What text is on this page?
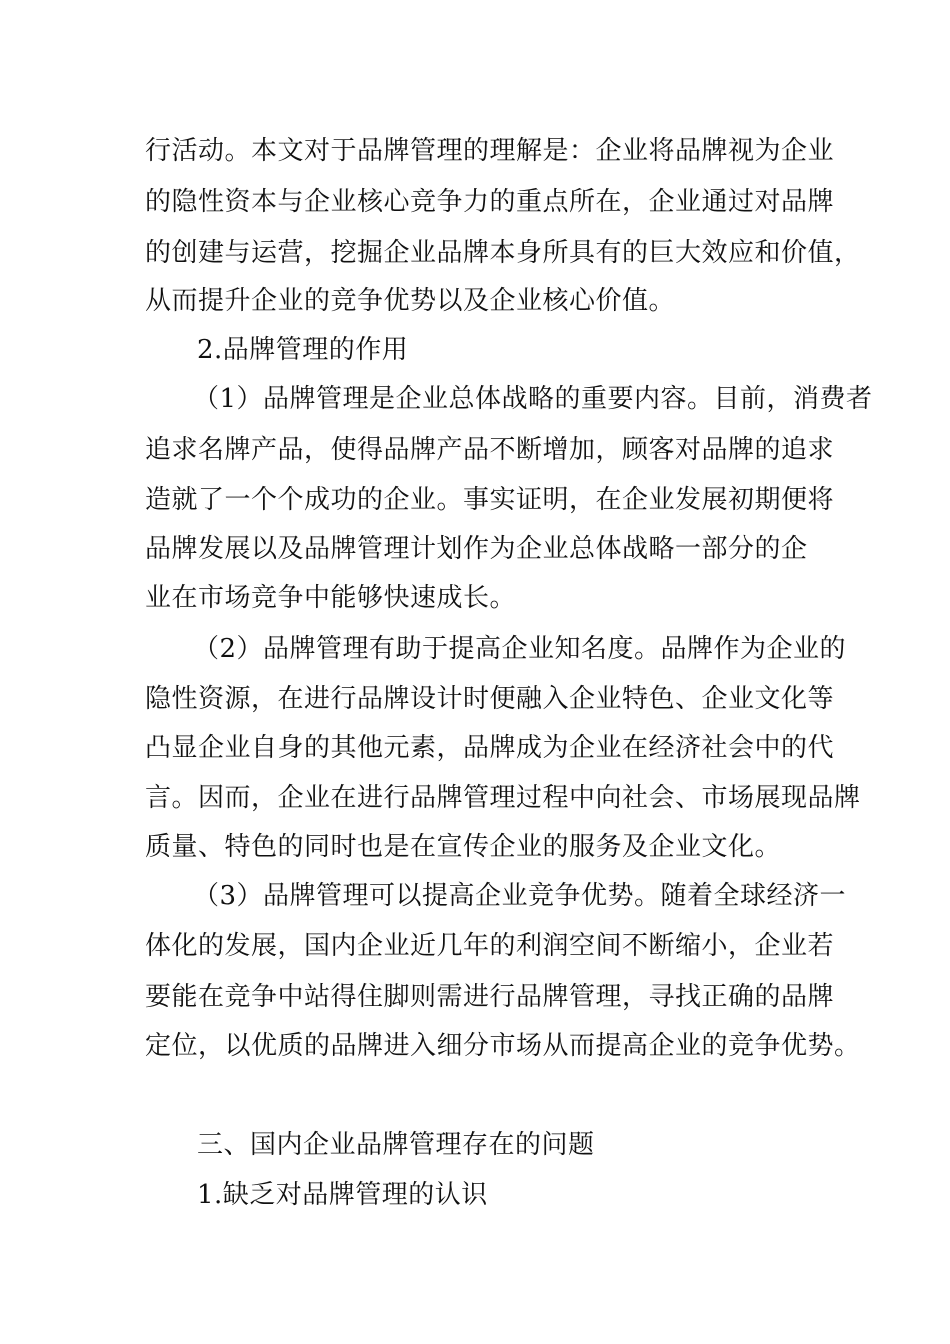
行活动。本文对于品牌管理的理解是：企业将品牌视为企业
的隐性资本与企业核心竞争力的重点所在，企业通过对品牌
的创建与运营，挖掘企业品牌本身所具有的巨大效应和价值，
从而提升企业的竞争优势以及企业核心价值。
2.品牌管理的作用
（1）品牌管理是企业总体战略的重要内容。目前，消费者
追求名牌产品，使得品牌产品不断增加，顾客对品牌的追求
造就了一个个成功的企业。事实证明，在企业发展初期便将
品牌发展以及品牌管理计划作为企业总体战略一部分的企
业在市场竞争中能够快速成长。
（2）品牌管理有助于提高企业知名度。品牌作为企业的
隐性资源，在进行品牌设计时便融入企业特色、企业文化等
凸显企业自身的其他元素，品牌成为企业在经济社会中的代
言。因而，企业在进行品牌管理过程中向社会、市场展现品牌
质量、特色的同时也是在宣传企业的服务及企业文化。
（3）品牌管理可以提高企业竞争优势。随着全球经济一
体化的发展，国内企业近几年的利润空间不断缩小，企业若
要能在竞争中站得住脚则需进行品牌管理，寻找正确的品牌
定位，以优质的品牌进入细分市场从而提高企业的竞争优势。
三、国内企业品牌管理存在的问题
1.缺乏对品牌管理的认识
